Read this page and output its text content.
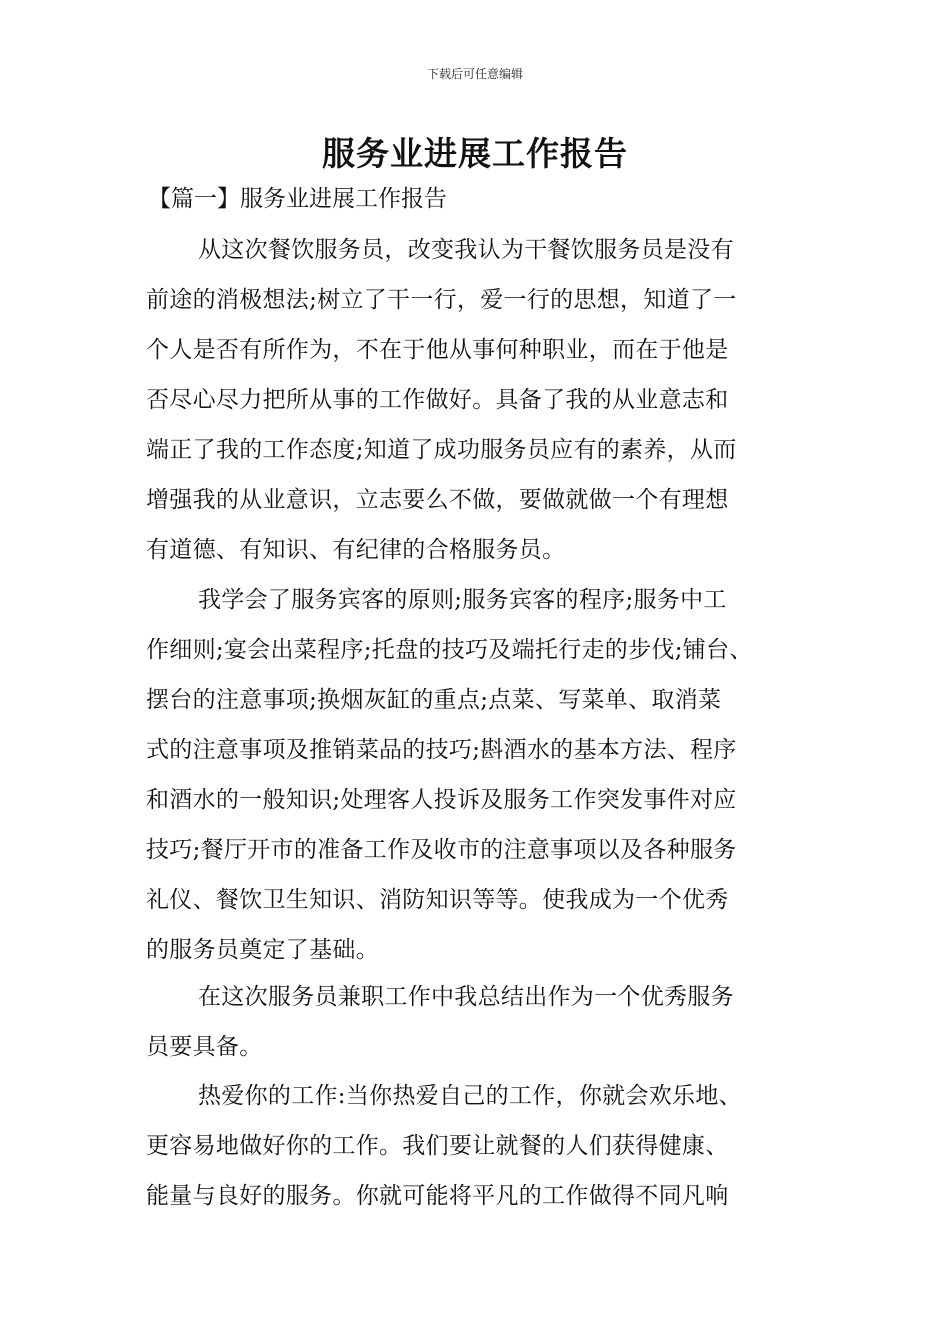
下载后可任意编辑
服务业进展工作报告
【篇一】服务业进展工作报告
从这次餐饮服务员，改变我认为干餐饮服务员是没有
前途的消极想法;树立了干一行，爱一行的思想，知道了一
个人是否有所作为，不在于他从事何种职业，而在于他是
否尽心尽力把所从事的工作做好。具备了我的从业意志和
端正了我的工作态度;知道了成功服务员应有的素养，从而
增强我的从业意识，立志要么不做，要做就做一个有理想
有道德、有知识、有纪律的合格服务员。
我学会了服务宾客的原则;服务宾客的程序;服务中工
作细则;宴会出菜程序;托盘的技巧及端托行走的步伐;铺台、
摆台的注意事项;换烟灰缸的重点;点菜、写菜单、取消菜
式的注意事项及推销菜品的技巧;斟酒水的基本方法、程序
和酒水的一般知识;处理客人投诉及服务工作突发事件对应
技巧;餐厅开市的准备工作及收市的注意事项以及各种服务
礼仪、餐饮卫生知识、消防知识等等。使我成为一个优秀
的服务员奠定了基础。
在这次服务员兼职工作中我总结出作为一个优秀服务
员要具备。
热爱你的工作:当你热爱自己的工作，你就会欢乐地、
更容易地做好你的工作。我们要让就餐的人们获得健康、
能量与良好的服务。你就可能将平凡的工作做得不同凡响
